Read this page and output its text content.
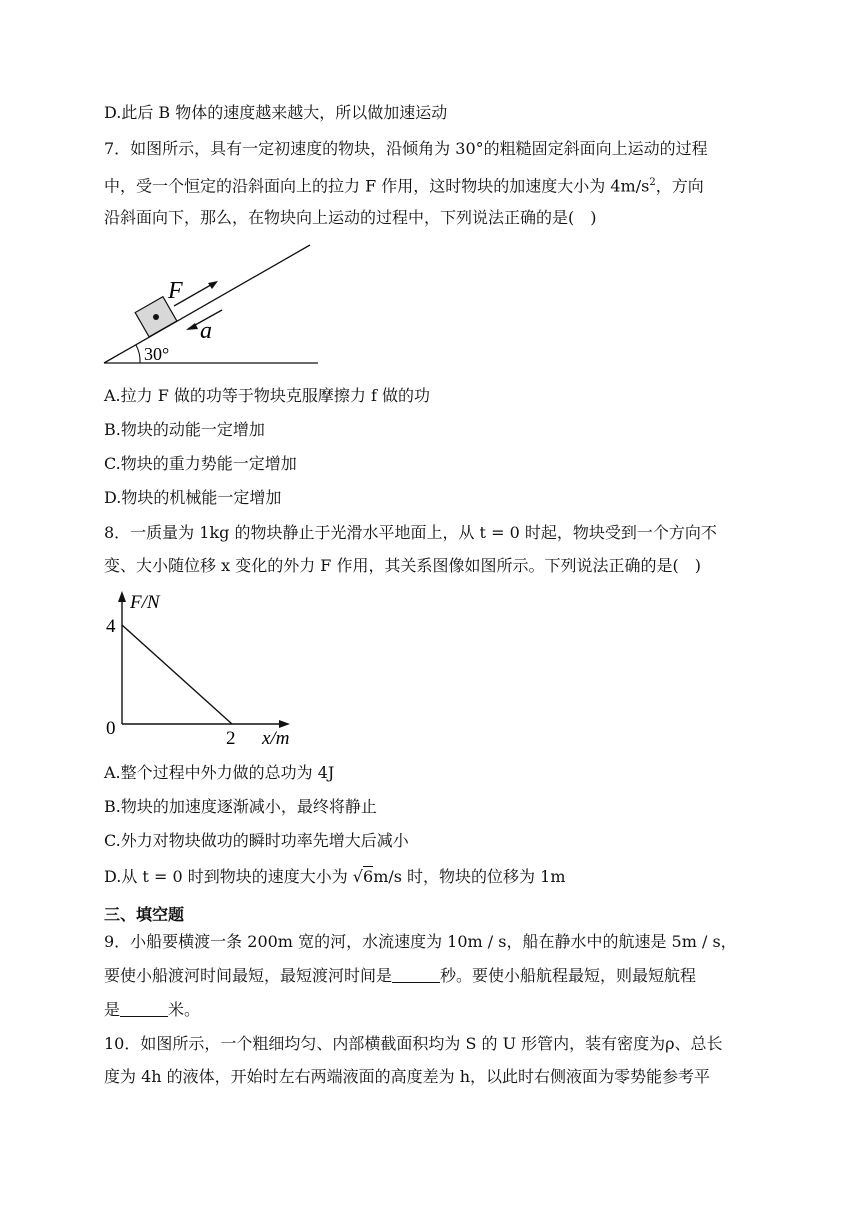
D.此后 B 物体的速度越来越大，所以做加速运动
7．如图所示，具有一定初速度的物块，沿倾角为 30°的粗糙固定斜面向上运动的过程
中，受一个恒定的沿斜面向上的拉力 F 作用，这时物块的加速度大小为 $4m/s^2$，方向
沿斜面向下，那么，在物块向上运动的过程中，下列说法正确的是(　)
F
a
30°
A.拉力 F 做的功等于物块克服摩擦力 f 做的功
B.物块的动能一定增加
C.物块的重力势能一定增加
D.物块的机械能一定增加
8．一质量为 1kg 的物块静止于光滑水平地面上，从 t = 0 时起，物块受到一个方向不
变、大小随位移 x 变化的外力 F 作用，其关系图像如图所示。下列说法正确的是(　)
F/N
x/m
4
2
0
A.整个过程中外力做的总功为 4J
B.物块的加速度逐渐减小，最终将静止
C.外力对物块做功的瞬时功率先增大后减小
D.从 t = 0 时到物块的速度大小为 √6m/s 时，物块的位移为 1m
三、填空题
9．小船要横渡一条 200m 宽的河，水流速度为 10m / s，船在静水中的航速是 5m / s，
要使小船渡河时间最短，最短渡河时间是	秒。要使小船航程最短，则最短航程
是	米。
10．如图所示，一个粗细均匀、内部横截面积均为 S 的 U 形管内，装有密度为ρ、总长
度为 4h 的液体，开始时左右两端液面的高度差为 h，以此时右侧液面为零势能参考平
